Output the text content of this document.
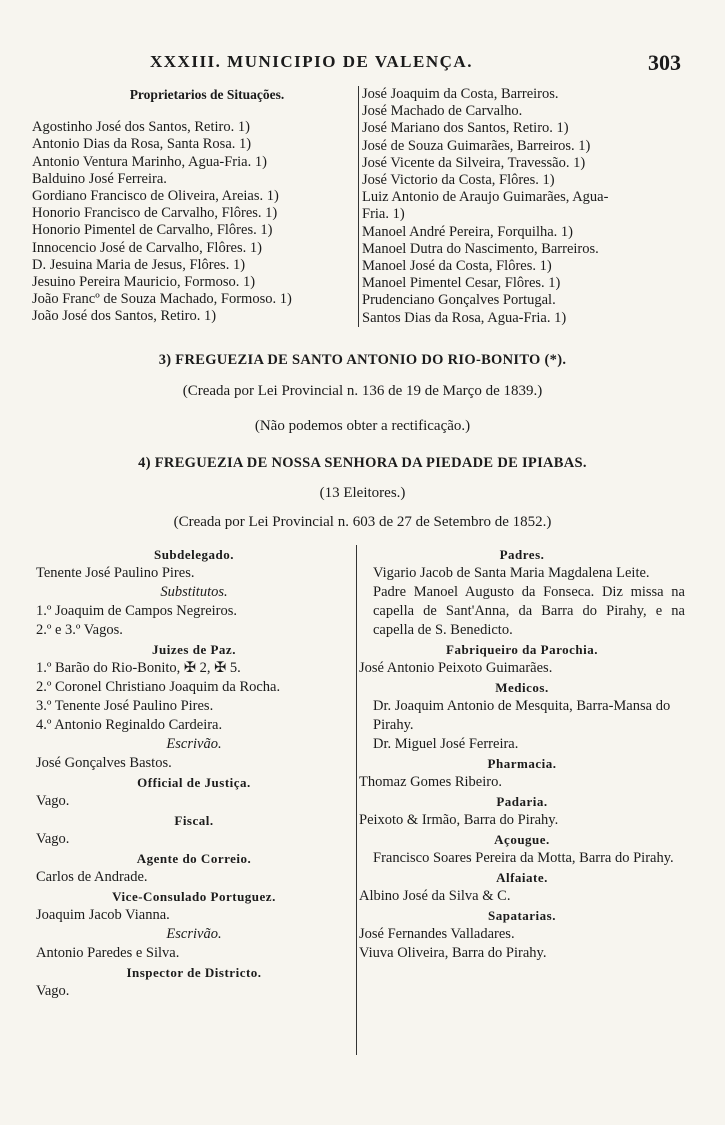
XXXIII. MUNICIPIO DE VALENÇA.	303
Proprietarios de Situações.
Agostinho José dos Santos, Retiro. 1)
Antonio Dias da Rosa, Santa Rosa. 1)
Antonio Ventura Marinho, Agua-Fria. 1)
Balduino José Ferreira.
Gordiano Francisco de Oliveira, Areias. 1)
Honorio Francisco de Carvalho, Flôres. 1)
Honorio Pimentel de Carvalho, Flôres. 1)
Innocencio José de Carvalho, Flôres. 1)
D. Jesuina Maria de Jesus, Flôres. 1)
Jesuino Pereira Mauricio, Formoso. 1)
João Francº de Souza Machado, Formoso. 1)
João José dos Santos, Retiro. 1)
José Joaquim da Costa, Barreiros.
José Machado de Carvalho.
José Mariano dos Santos, Retiro. 1)
José de Souza Guimarães, Barreiros. 1)
José Vicente da Silveira, Travessão. 1)
José Victorio da Costa, Flôres. 1)
Luiz Antonio de Araujo Guimarães, Agua-
Fria. 1)
Manoel André Pereira, Forquilha. 1)
Manoel Dutra do Nascimento, Barreiros.
Manoel José da Costa, Flôres. 1)
Manoel Pimentel Cesar, Flôres. 1)
Prudenciano Gonçalves Portugal.
Santos Dias da Rosa, Agua-Fria. 1)
3) FREGUEZIA DE SANTO ANTONIO DO RIO-BONITO (*).
(Creada por Lei Provincial n. 136 de 19 de Março de 1839.)
(Não podemos obter a rectificação.)
4) FREGUEZIA DE NOSSA SENHORA DA PIEDADE DE IPIABAS.
(13 Eleitores.)
(Creada por Lei Provincial n. 603 de 27 de Setembro de 1852.)
Subdelegado.
Tenente José Paulino Pires.
Substitutos.
1.º Joaquim de Campos Negreiros.
2.º e 3.º Vagos.
Juizes de Paz.
1.º Barão do Rio-Bonito, ✠ 2, ✠ 5.
2.º Coronel Christiano Joaquim da Rocha.
3.º Tenente José Paulino Pires.
4.º Antonio Reginaldo Cardeira.
Escrivão.
José Gonçalves Bastos.
Official de Justiça.
Vago.
Fiscal.
Vago.
Agente do Correio.
Carlos de Andrade.
Vice-Consulado Portuguez.
Joaquim Jacob Vianna.
Escrivão.
Antonio Paredes e Silva.
Inspector de Districto.
Vago.
Padres.
Vigario Jacob de Santa Maria Magdalena Leite.
Padre Manoel Augusto da Fonseca. Diz missa na capella de Sant'Anna, da Barra do Pirahy, e na capella de S. Benedicto.
Fabriqueiro da Parochia.
José Antonio Peixoto Guimarães.
Medicos.
Dr. Joaquim Antonio de Mesquita, Barra-Mansa do Pirahy.
Dr. Miguel José Ferreira.
Pharmacia.
Thomaz Gomes Ribeiro.
Padaria.
Peixoto & Irmão, Barra do Pirahy.
Açougue.
Francisco Soares Pereira da Motta, Barra do Pirahy.
Alfaiate.
Albino José da Silva & C.
Sapatarias.
José Fernandes Valladares.
Viuva Oliveira, Barra do Pirahy.
